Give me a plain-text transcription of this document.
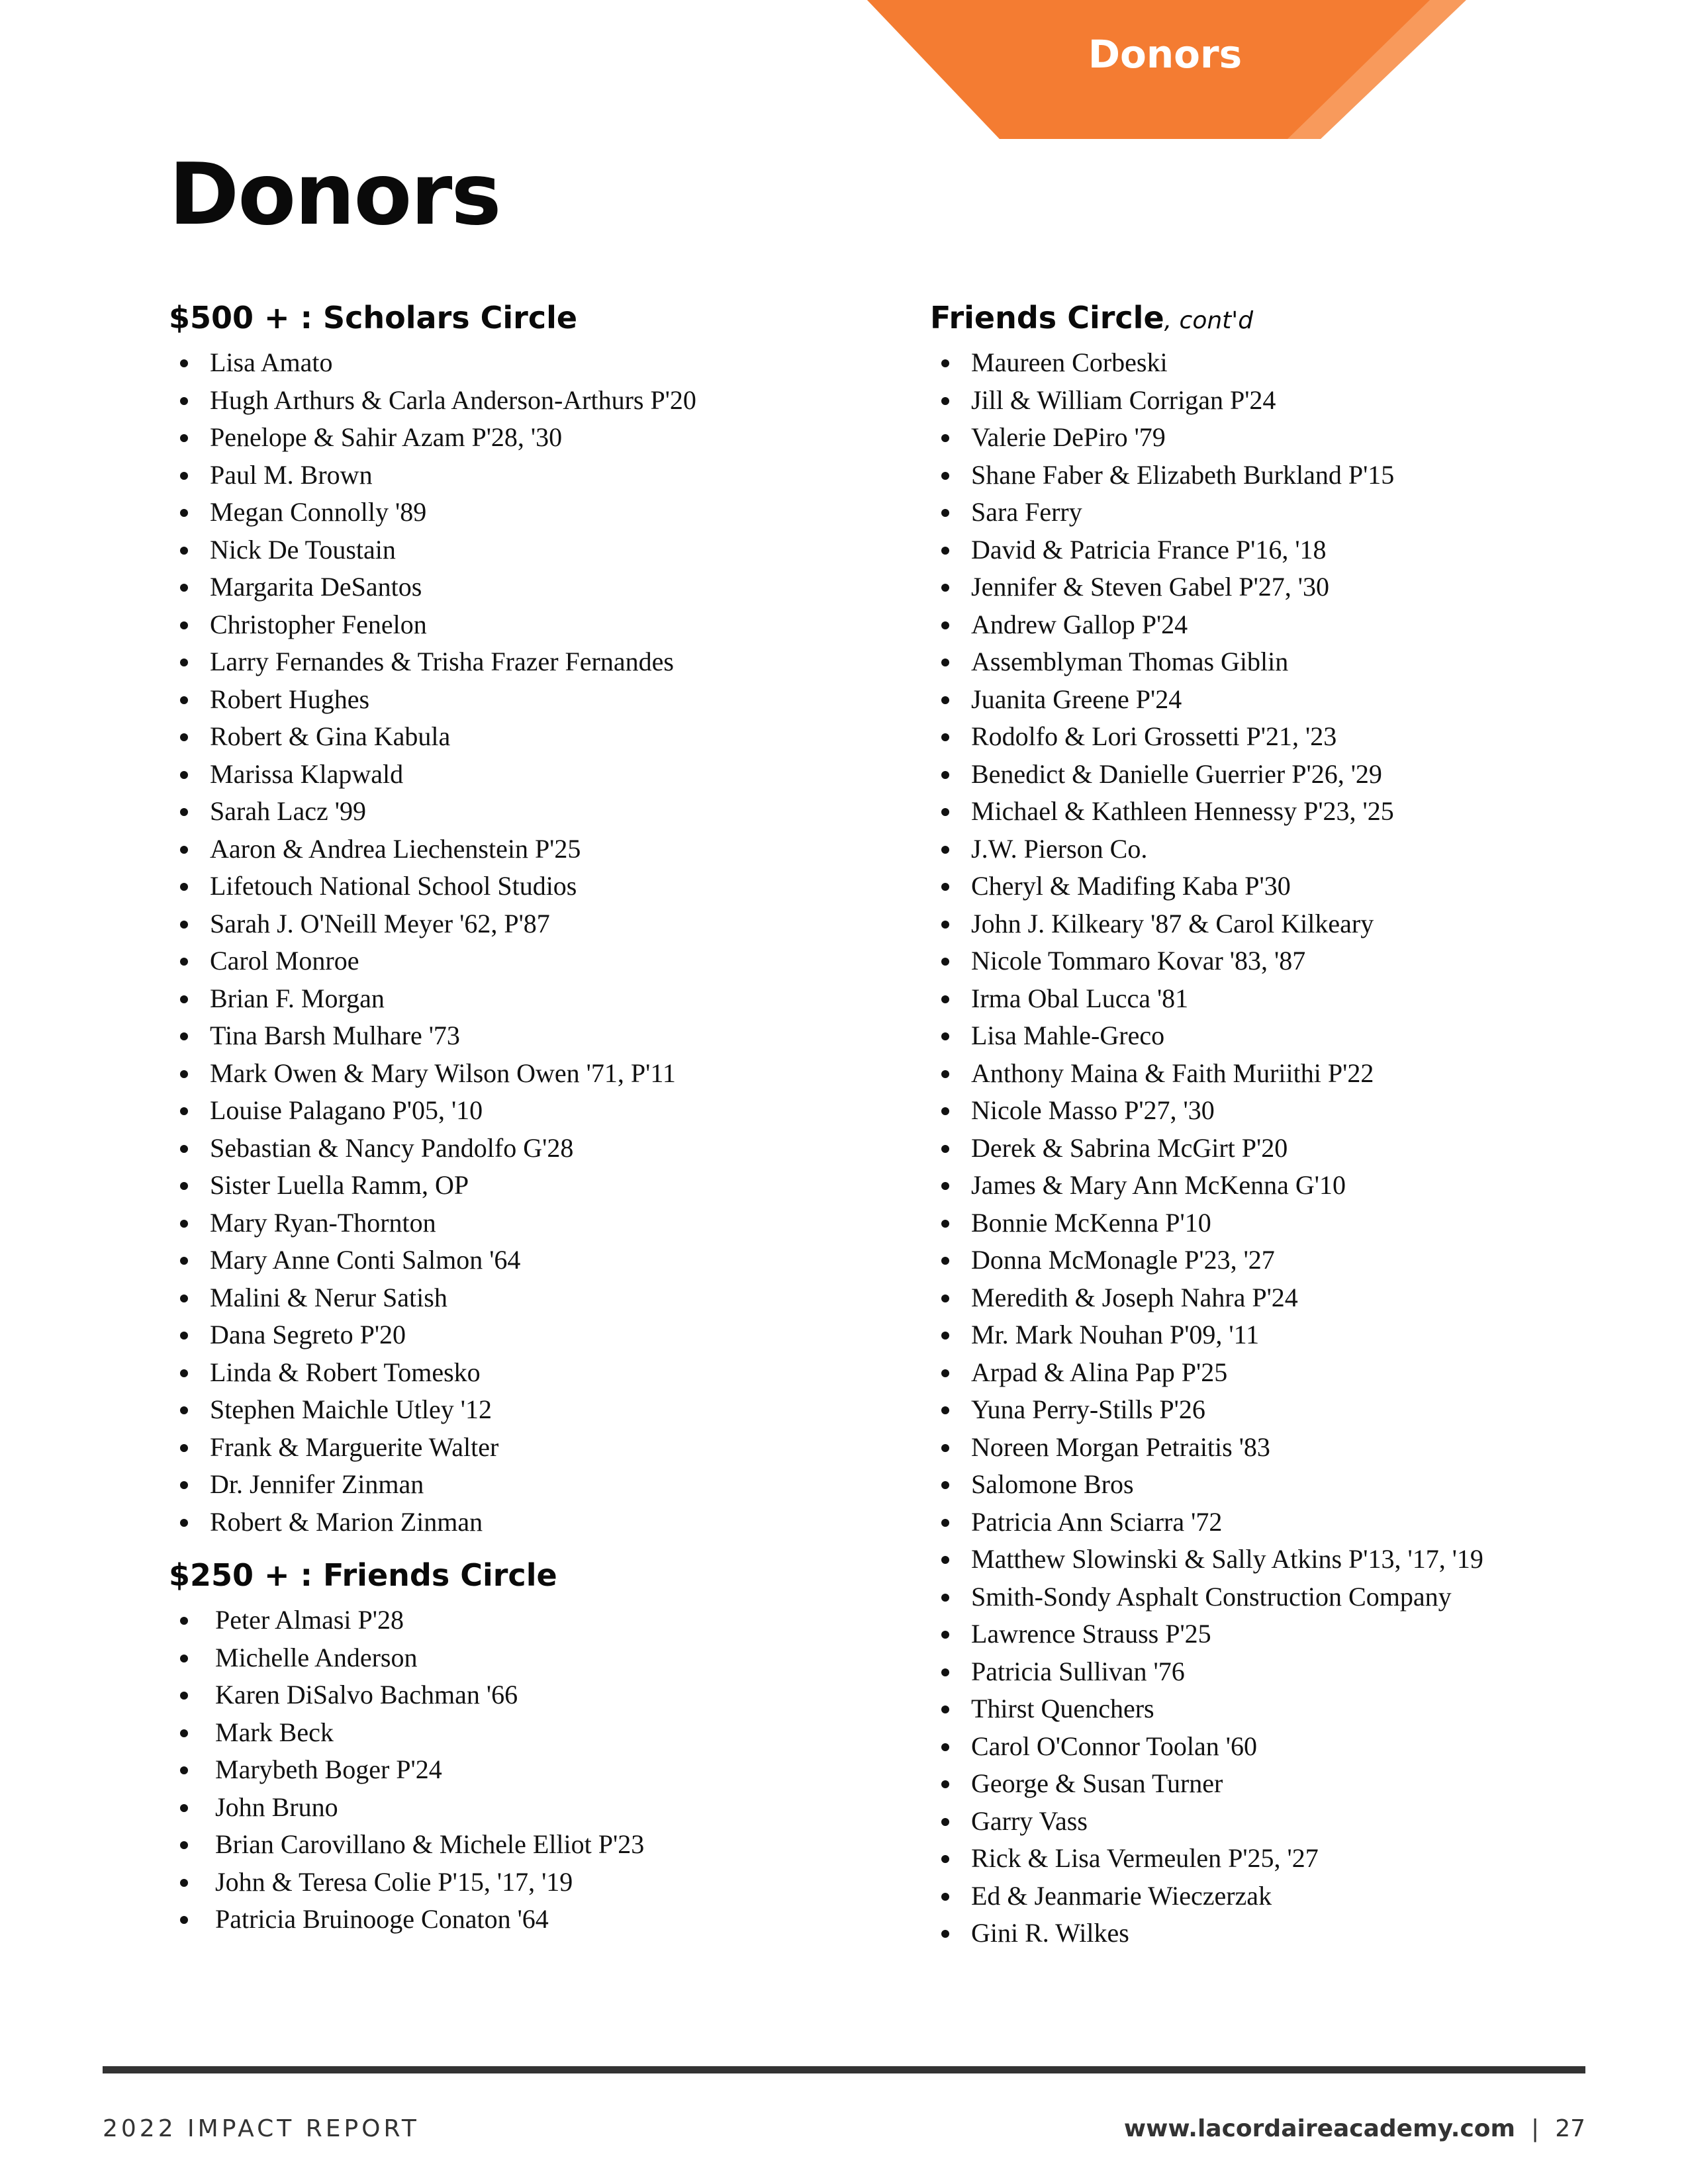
Donors
Donors
$500 + : Scholars Circle
Lisa Amato
Hugh Arthurs & Carla Anderson-Arthurs P'20
Penelope & Sahir Azam P'28, '30
Paul M. Brown
Megan Connolly '89
Nick De Toustain
Margarita DeSantos
Christopher Fenelon
Larry Fernandes & Trisha Frazer Fernandes
Robert Hughes
Robert & Gina Kabula
Marissa Klapwald
Sarah Lacz '99
Aaron & Andrea Liechenstein P'25
Lifetouch National School Studios
Sarah J. O'Neill Meyer '62, P'87
Carol Monroe
Brian F. Morgan
Tina Barsh Mulhare '73
Mark Owen & Mary Wilson Owen '71, P'11
Louise Palagano P'05, '10
Sebastian & Nancy Pandolfo G'28
Sister Luella Ramm, OP
Mary Ryan-Thornton
Mary Anne Conti Salmon '64
Malini & Nerur Satish
Dana Segreto P'20
Linda & Robert Tomesko
Stephen Maichle Utley '12
Frank & Marguerite Walter
Dr. Jennifer Zinman
Robert & Marion Zinman
$250 + : Friends Circle
Peter Almasi P'28
Michelle Anderson
Karen DiSalvo Bachman '66
Mark Beck
Marybeth Boger P'24
John Bruno
Brian Carovillano & Michele Elliot P'23
John & Teresa Colie P'15, '17, '19
Patricia Bruinooge Conaton '64
Friends Circle, cont'd
Maureen Corbeski
Jill & William Corrigan P'24
Valerie DePiro '79
Shane Faber & Elizabeth Burkland P'15
Sara Ferry
David & Patricia France P'16, '18
Jennifer & Steven Gabel P'27, '30
Andrew Gallop P'24
Assemblyman Thomas Giblin
Juanita Greene P'24
Rodolfo & Lori Grossetti P'21, '23
Benedict & Danielle Guerrier P'26, '29
Michael & Kathleen Hennessy P'23, '25
J.W. Pierson Co.
Cheryl & Madifing Kaba P'30
John J. Kilkeary '87 & Carol Kilkeary
Nicole Tommaro Kovar '83, '87
Irma Obal Lucca '81
Lisa Mahle-Greco
Anthony Maina & Faith Muriithi P'22
Nicole Masso P'27, '30
Derek & Sabrina McGirt P'20
James & Mary Ann McKenna G'10
Bonnie McKenna P'10
Donna McMonagle P'23, '27
Meredith & Joseph Nahra P'24
Mr. Mark Nouhan P'09, '11
Arpad & Alina Pap P'25
Yuna Perry-Stills P'26
Noreen Morgan Petraitis '83
Salomone Bros
Patricia Ann Sciarra '72
Matthew Slowinski & Sally Atkins P'13, '17, '19
Smith-Sondy Asphalt Construction Company
Lawrence Strauss P'25
Patricia Sullivan '76
Thirst Quenchers
Carol O'Connor Toolan '60
George & Susan Turner
Garry Vass
Rick & Lisa Vermeulen P'25, '27
Ed & Jeanmarie Wieczerzak
Gini R. Wilkes
2022 IMPACT REPORT	www.lacordaireacademy.com | 27
